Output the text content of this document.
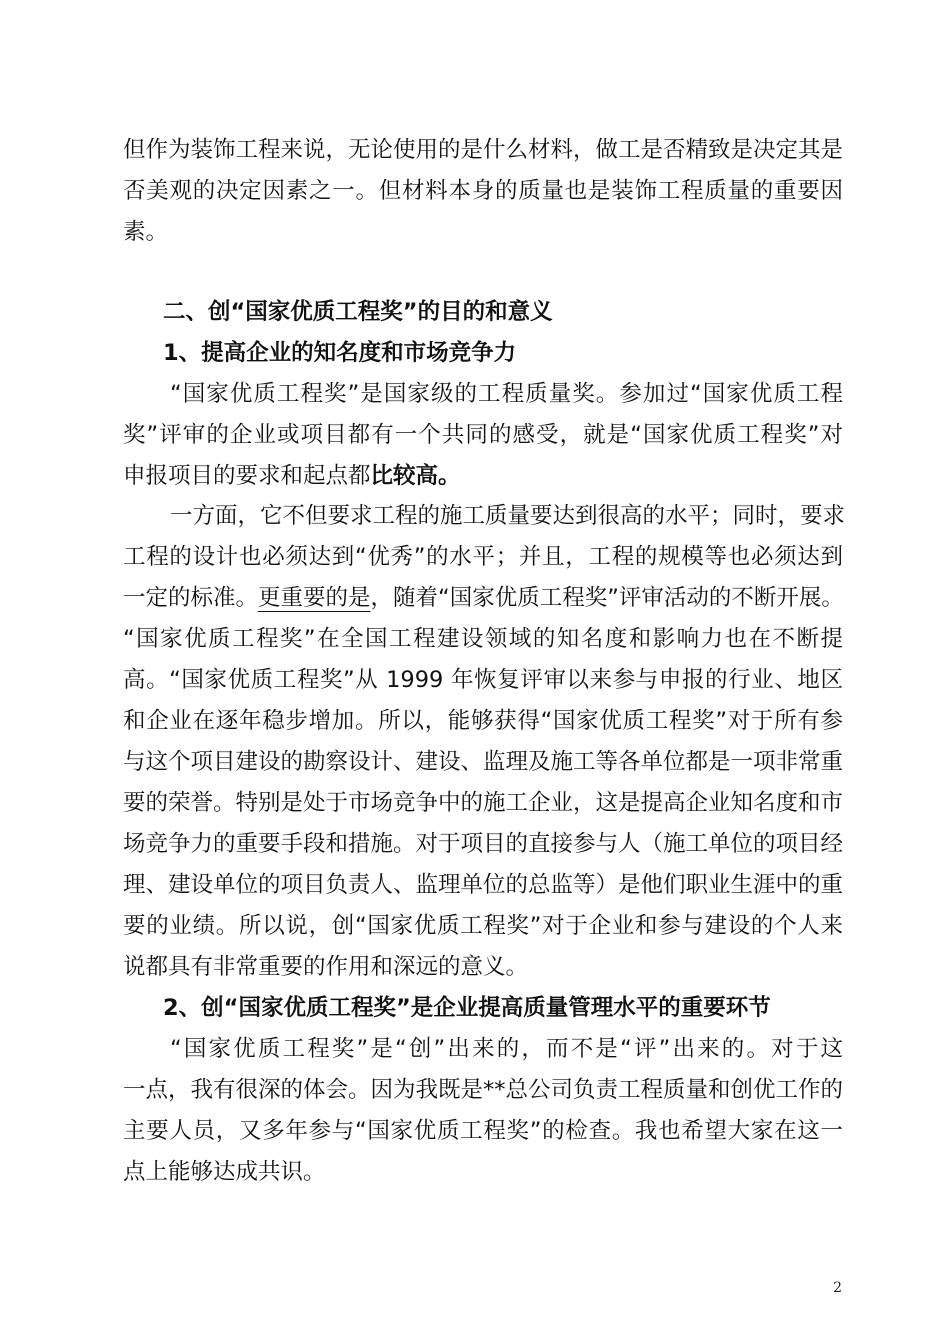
但作为装饰工程来说，无论使用的是什么材料，做工是否精致是决定其是
否美观的决定因素之一。但材料本身的质量也是装饰工程质量的重要因
素。
二、创“国家优质工程奖”的目的和意义
1、提高企业的知名度和市场竞争力
“国家优质工程奖”是国家级的工程质量奖。参加过“国家优质工程
奖”评审的企业或项目都有一个共同的感受，就是“国家优质工程奖”对
申报项目的要求和起点都比较高。
一方面，它不但要求工程的施工质量要达到很高的水平；同时，要求
工程的设计也必须达到“优秀”的水平；并且，工程的规模等也必须达到
一定的标准。更重要的是，随着“国家优质工程奖”评审活动的不断开展。
“国家优质工程奖”在全国工程建设领域的知名度和影响力也在不断提
高。“国家优质工程奖”从 1999 年恢复评审以来参与申报的行业、地区
和企业在逐年稳步增加。所以，能够获得“国家优质工程奖”对于所有参
与这个项目建设的勘察设计、建设、监理及施工等各单位都是一项非常重
要的荣誉。特别是处于市场竞争中的施工企业，这是提高企业知名度和市
场竞争力的重要手段和措施。对于项目的直接参与人（施工单位的项目经
理、建设单位的项目负责人、监理单位的总监等）是他们职业生涯中的重
要的业绩。所以说，创“国家优质工程奖”对于企业和参与建设的个人来
说都具有非常重要的作用和深远的意义。
2、创“国家优质工程奖”是企业提高质量管理水平的重要环节
“国家优质工程奖”是“创”出来的，而不是“评”出来的。对于这
一点，我有很深的体会。因为我既是**总公司负责工程质量和创优工作的
主要人员，又多年参与“国家优质工程奖”的检查。我也希望大家在这一
点上能够达成共识。
2
